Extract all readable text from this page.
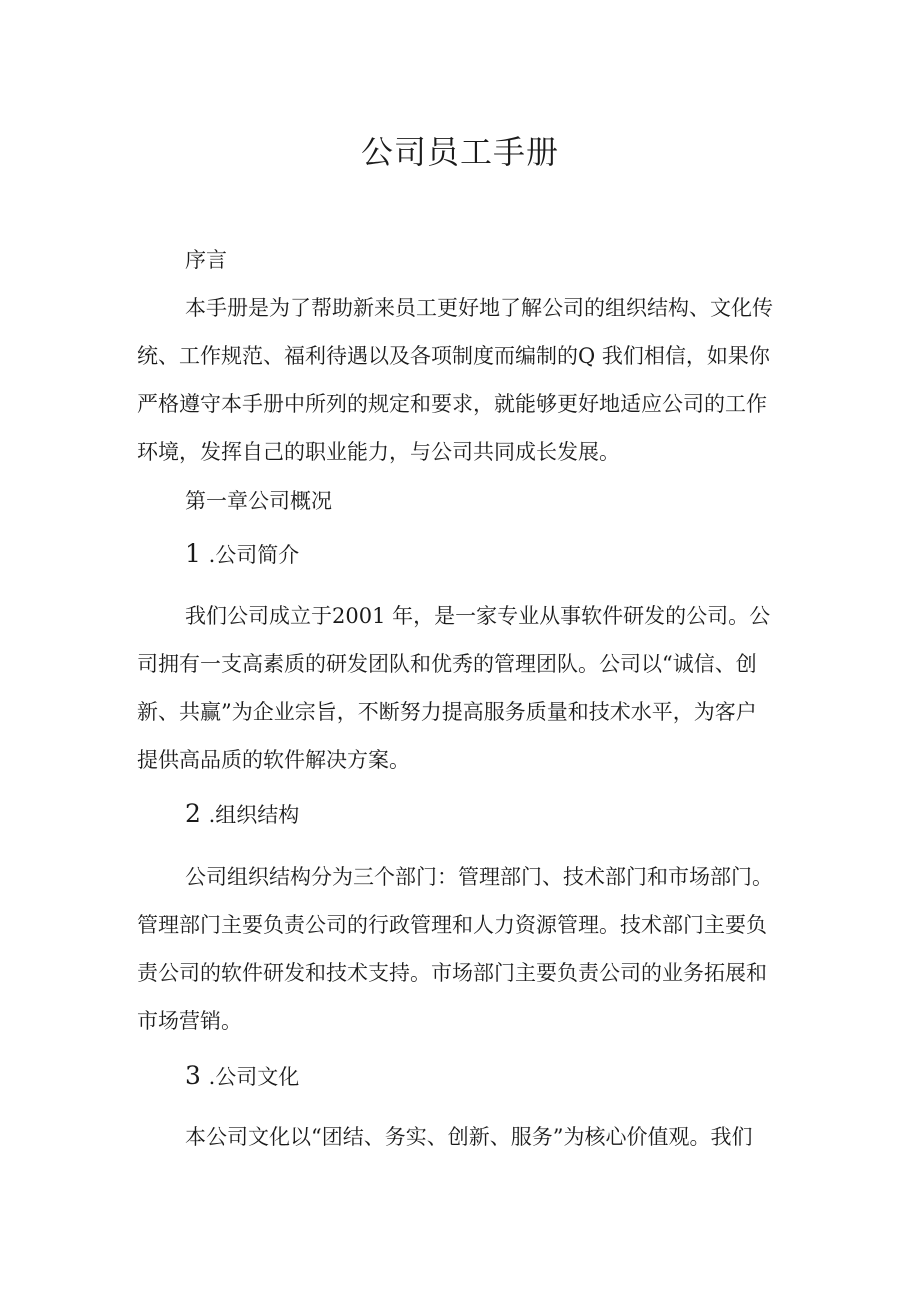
公司员工手册
序言
本手册是为了帮助新来员工更好地了解公司的组织结构、文化传
统、工作规范、福利待遇以及各项制度而编制的Q 我们相信，如果你
严格遵守本手册中所列的规定和要求，就能够更好地适应公司的工作
环境，发挥自己的职业能力，与公司共同成长发展。
第一章公司概况
1 .公司简介
我们公司成立于2001 年，是一家专业从事软件研发的公司。公
司拥有一支高素质的研发团队和优秀的管理团队。公司以“诚信、创
新、共赢”为企业宗旨，不断努力提高服务质量和技术水平，为客户
提供高品质的软件解决方案。
2 .组织结构
公司组织结构分为三个部门：管理部门、技术部门和市场部门。
管理部门主要负责公司的行政管理和人力资源管理。技术部门主要负
责公司的软件研发和技术支持。市场部门主要负责公司的业务拓展和
市场营销。
3 .公司文化
本公司文化以“团结、务实、创新、服务”为核心价值观。我们
